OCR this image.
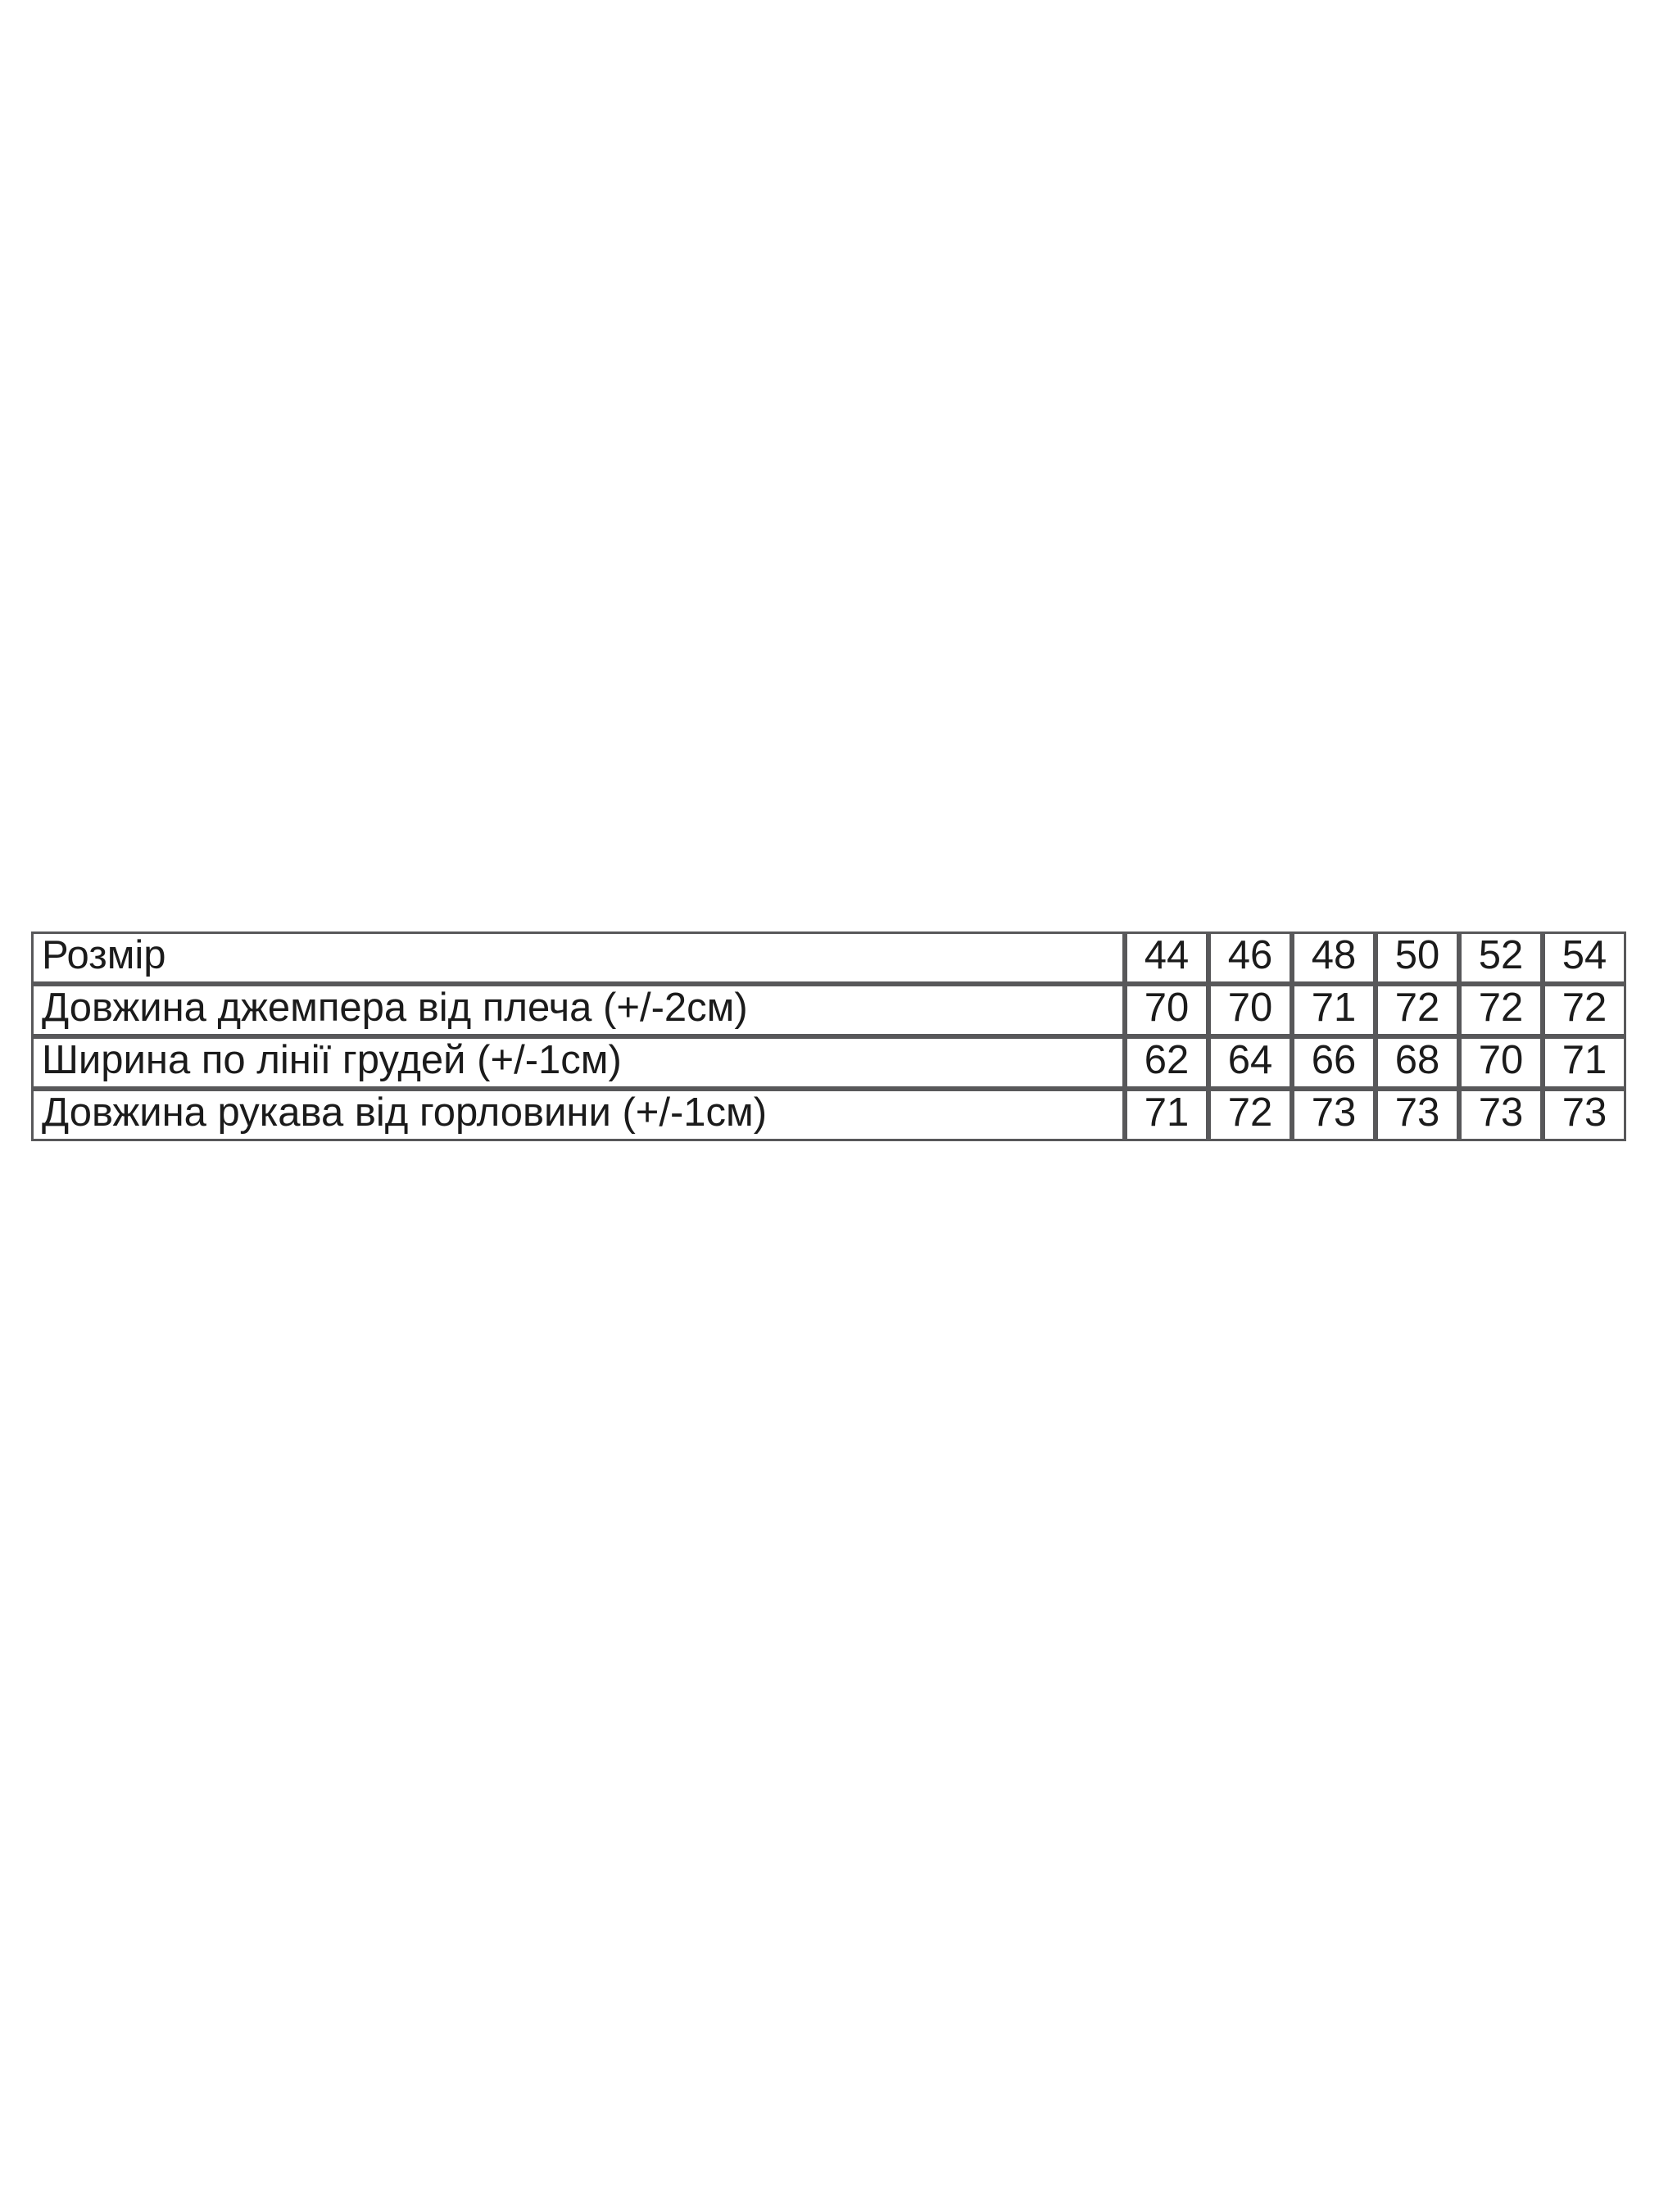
Розмір	44	46	48	50	52	54
Довжина джемпера від плеча (+/-2см)	70	70	71	72	72	72
Ширина по лінії грудей (+/-1см)	62	64	66	68	70	71
Довжина рукава від горловини (+/-1см)	71	72	73	73	73	73
